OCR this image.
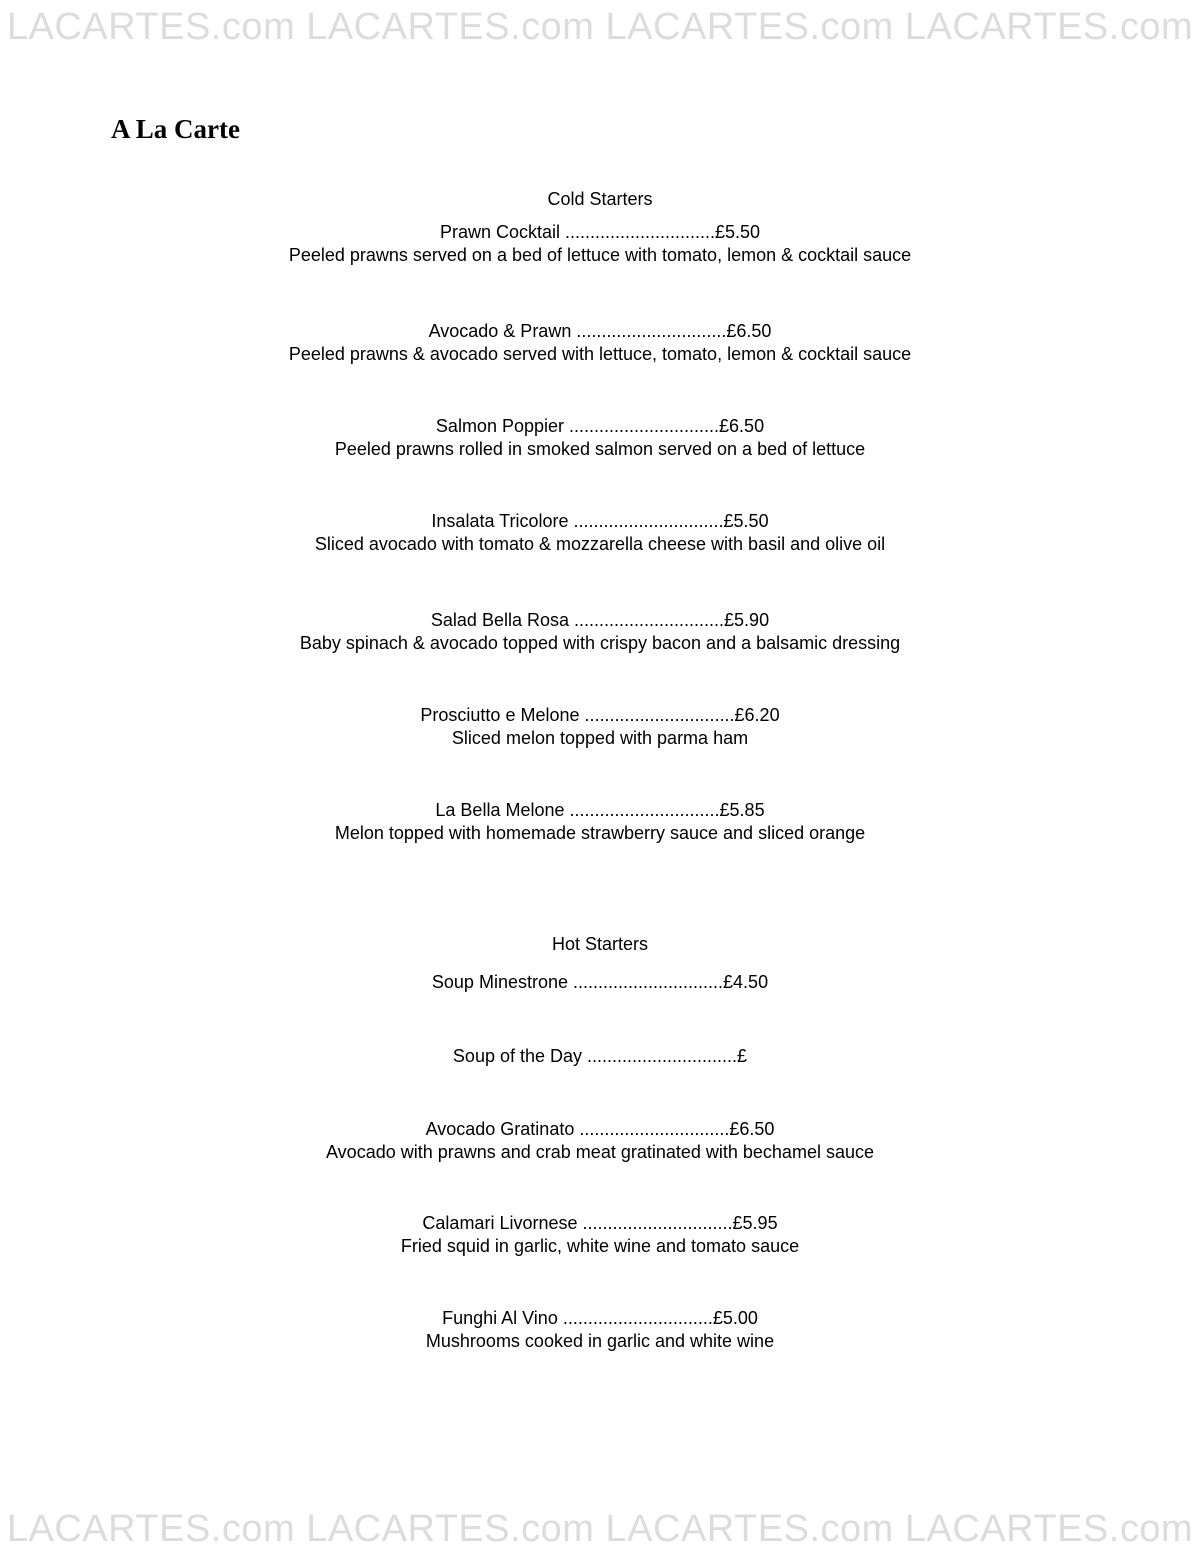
LACARTES.com LACARTES.com LACARTES.com LACARTES.com
A La Carte
Cold Starters
Prawn Cocktail ..............................£5.50
Peeled prawns served on a bed of lettuce with tomato, lemon & cocktail sauce
Avocado & Prawn ..............................£6.50
Peeled prawns & avocado served with lettuce, tomato, lemon & cocktail sauce
Salmon Poppier ..............................£6.50
Peeled prawns rolled in smoked salmon served on a bed of lettuce
Insalata Tricolore ..............................£5.50
Sliced avocado with tomato & mozzarella cheese with basil and olive oil
Salad Bella Rosa ..............................£5.90
Baby spinach & avocado topped with crispy bacon and a balsamic dressing
Prosciutto e Melone ..............................£6.20
Sliced melon topped with parma ham
La Bella Melone ..............................£5.85
Melon topped with homemade strawberry sauce and sliced orange
Hot Starters
Soup Minestrone ..............................£4.50
Soup of the Day ..............................£
Avocado Gratinato ..............................£6.50
Avocado with prawns and crab meat gratinated with bechamel sauce
Calamari Livornese ..............................£5.95
Fried squid in garlic, white wine and tomato sauce
Funghi Al Vino ..............................£5.00
Mushrooms cooked in garlic and white wine
LACARTES.com LACARTES.com LACARTES.com LACARTES.com
